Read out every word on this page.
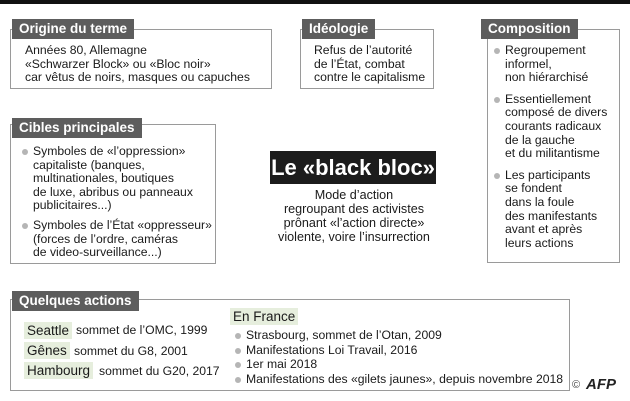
Origine du terme
Années 80, Allemagne
«Schwarzer Block» ou «Bloc noir»
car vêtus de noirs, masques ou capuches
Idéologie
Refus de l’autorité
de l’État, combat
contre le capitalisme
Composition
Regroupement
informel,
non hiérarchisé
Essentiellement
composé de divers
courants radicaux
de la gauche
et du militantisme
Les participants
se fondent
dans la foule
des manifestants
avant et après
leurs actions
Cibles principales
Symboles de «l’oppression»
capitaliste (banques,
multinationales, boutiques
de luxe, abribus ou panneaux
publicitaires...)
Symboles de l’État «oppresseur»
(forces de l’ordre, caméras
de video-surveillance...)
Le «black bloc»
Mode d’action
regroupant des activistes
prônant «l’action directe»
violente, voire l’insurrection
Quelques actions
Seattle sommet de l’OMC, 1999
Gênes sommet du G8, 2001
Hambourg sommet du G20, 2017
En France
Strasbourg, sommet de l’Otan, 2009
Manifestations Loi Travail, 2016
1er mai 2018
Manifestations des «gilets jaunes», depuis novembre 2018 © AFP
